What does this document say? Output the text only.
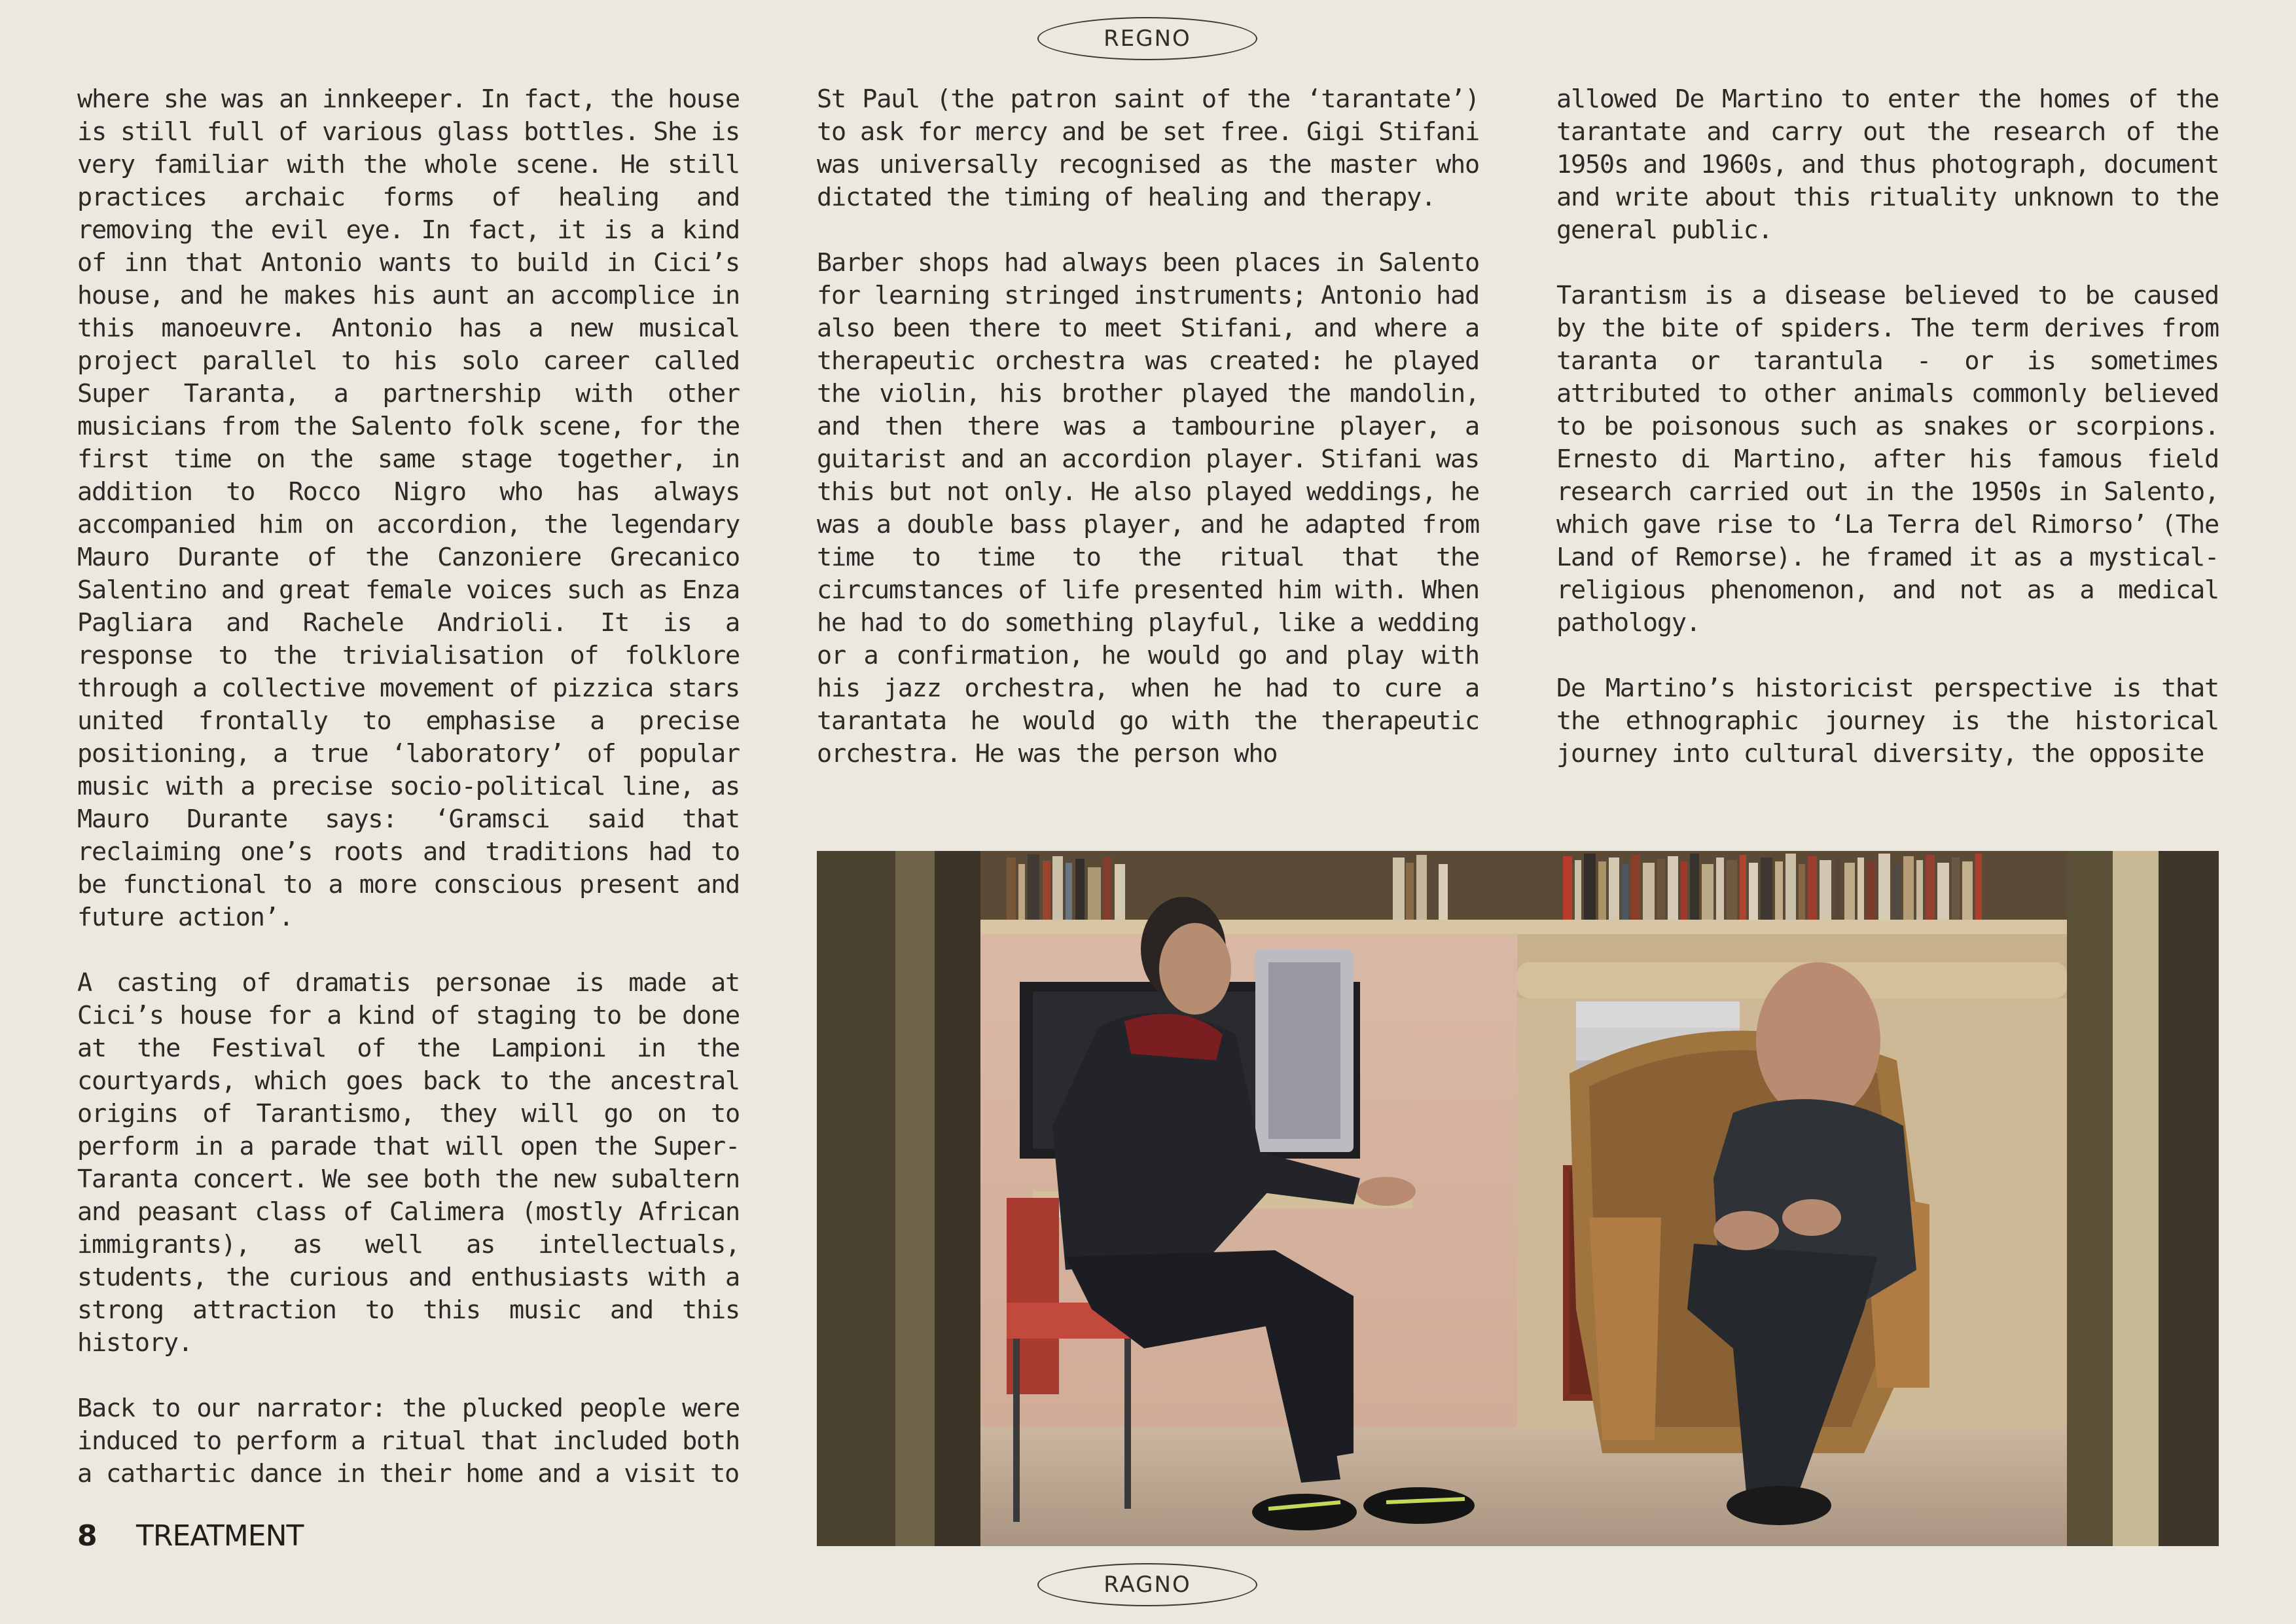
REGNO

where she was an innkeeper. In fact, the house is still full of various glass bottles. She is very familiar with the whole scene. He still practices archaic forms of healing and removing the evil eye. In fact, it is a kind of inn that Antonio wants to build in Cici’s house, and he makes his aunt an accomplice in this manoeuvre. Antonio has a new musical project parallel to his solo career called Super Taranta, a partnership with other musicians from the Salento folk scene, for the first time on the same stage together, in addition to Rocco Nigro who has always accompanied him on accordion, the legendary Mauro Durante of the Canzoniere Grecanico Salentino and great female voices such as Enza Pagliara and Rachele Andrioli. It is a response to the trivialisation of folklore through a collective movement of pizzica stars united frontally to emphasise a precise positioning, a true ‘laboratory’ of popular music with a precise socio-political line, as Mauro Durante says: ‘Gramsci said that reclaiming one’s roots and traditions had to be functional to a more conscious present and future action’.

A casting of dramatis personae is made at Cici’s house for a kind of staging to be done at the Festival of the Lampioni in the courtyards, which goes back to the ancestral origins of Tarantismo, they will go on to perform in a parade that will open the Super-Taranta concert. We see both the new subaltern and peasant class of Calimera (mostly African immigrants), as well as intellectuals, students, the curious and enthusiasts with a strong attraction to this music and this history.

Back to our narrator: the plucked people were induced to perform a ritual that included both a cathartic dance in their home and a visit to

St Paul (the patron saint of the ‘tarantate’) to ask for mercy and be set free. Gigi Stifani was universally recognised as the master who dictated the timing of healing and therapy.

Barber shops had always been places in Salento for learning stringed instruments; Antonio had also been there to meet Stifani, and where a therapeutic orchestra was created: he played the violin, his brother played the mandolin, and then there was a tambourine player, a guitarist and an accordion player. Stifani was this but not only. He also played weddings, he was a double bass player, and he adapted from time to time to the ritual that the circumstances of life presented him with. When he had to do something playful, like a wedding or a confirmation, he would go and play with his jazz orchestra, when he had to cure a tarantata he would go with the therapeutic orchestra. He was the person who

allowed De Martino to enter the homes of the tarantate and carry out the research of the 1950s and 1960s, and thus photograph, document and write about this rituality unknown to the general public.

Tarantism is a disease believed to be caused by the bite of spiders. The term derives from taranta or tarantula - or is sometimes attributed to other animals commonly believed to be poisonous such as snakes or scorpions. Ernesto di Martino, after his famous field research carried out in the 1950s in Salento, which gave rise to ‘La Terra del Rimorso’ (The Land of Remorse). he framed it as a mystical-religious phenomenon, and not as a medical pathology.

De Martino’s historicist perspective is that the ethnographic journey is the historical journey into cultural diversity, the opposite

8	TREATMENT
RAGNO
